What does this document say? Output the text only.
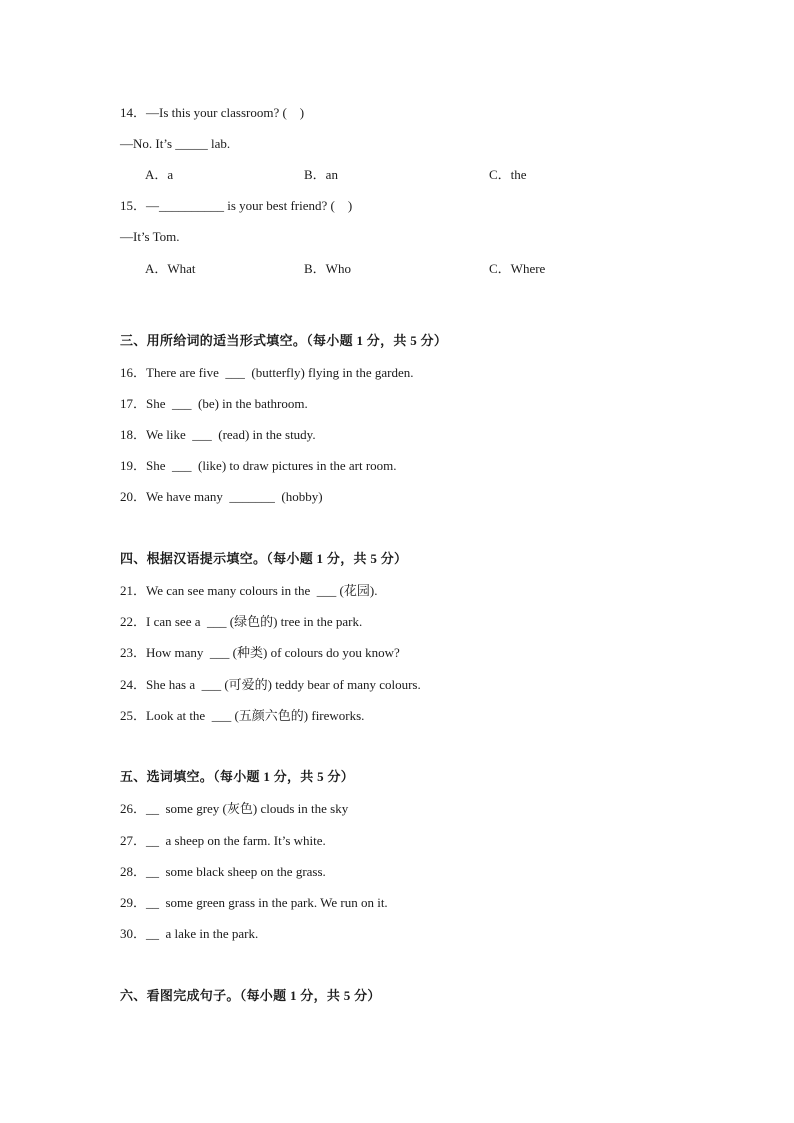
14．—Is this your classroom? (　)
—No. It’s _____ lab.
A．a	B．an	C．the
15．—__________ is your best friend? (　)
—It’s Tom.
A．What	B．Who	C．Where
三、用所给词的适当形式填空。（每小题 1 分，共 5 分）
16．There are five  ___  (butterfly) flying in the garden.
17．She  ___  (be) in the bathroom.
18．We like  ___  (read) in the study.
19．She  ___  (like) to draw pictures in the art room.
20．We have many  _______  (hobby)
四、根据汉语提示填空。（每小题 1 分，共 5 分）
21．We can see many colours in the  ___ (花园).
22．I can see a  ___ (绿色的) tree in the park.
23．How many  ___ (种类) of colours do you know?
24．She has a  ___ (可爱的) teddy bear of many colours.
25．Look at the  ___ (五颜六色的) fireworks.
五、选词填空。（每小题 1 分，共 5 分）
26．__  some grey (灰色) clouds in the sky
27．__  a sheep on the farm. It’s white.
28．__  some black sheep on the grass.
29．__  some green grass in the park. We run on it.
30．__  a lake in the park.
六、看图完成句子。（每小题 1 分，共 5 分）
